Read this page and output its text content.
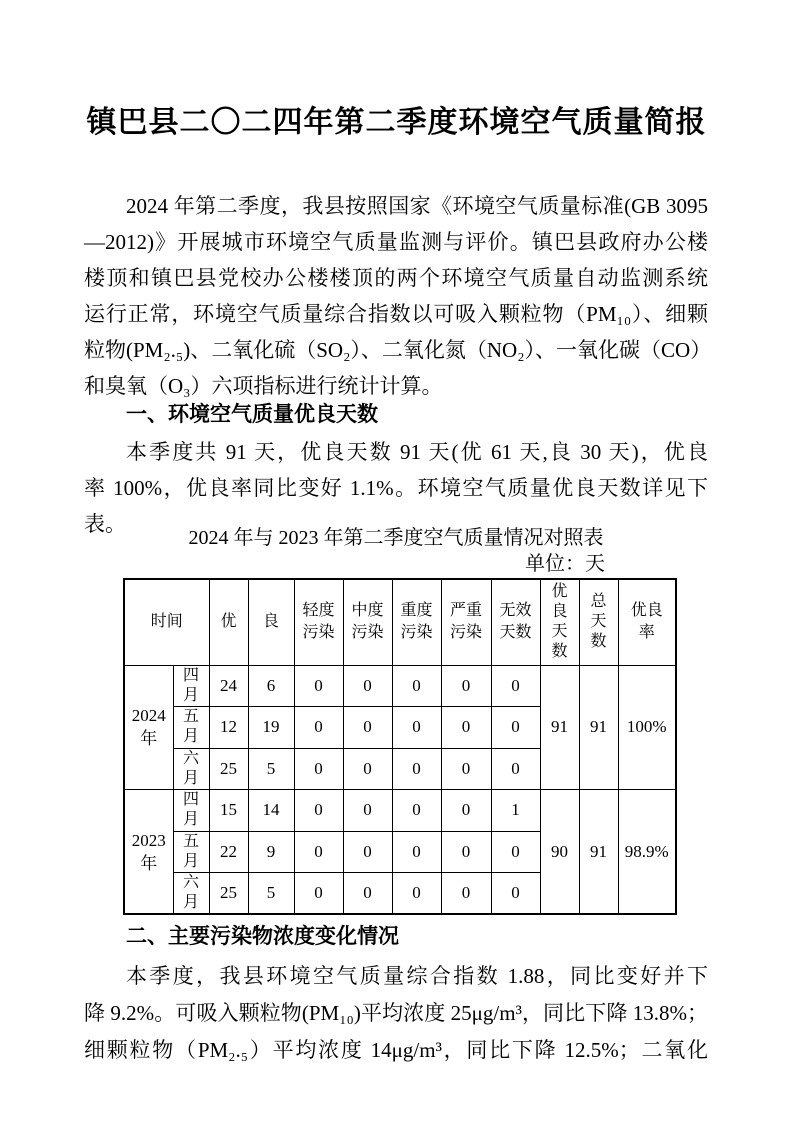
镇巴县二〇二四年第二季度环境空气质量简报
2024 年第二季度，我县按照国家《环境空气质量标准(GB 3095
—2012)》开展城市环境空气质量监测与评价。镇巴县政府办公楼
楼顶和镇巴县党校办公楼楼顶的两个环境空气质量自动监测系统
运行正常，环境空气质量综合指数以可吸入颗粒物（PM₁₀）、细颗
粒物(PM₂.₅)、二氧化硫（SO₂）、二氧化氮（NO₂）、一氧化碳（CO）
和臭氧（O₃）六项指标进行统计计算。
一、环境空气质量优良天数
本季度共 91 天，优良天数 91 天(优 61 天,良 30 天)，优良
率 100%，优良率同比变好 1.1%。环境空气质量优良天数详见下
表。
2024 年与 2023 年第二季度空气质量情况对照表
单位：天
时间		优	良	轻度污染	中度污染	重度污染	严重污染	无效天数	优良天数	总天数	优良率
2024年	四月	24	6	0	0	0	0	0	91	91	100%
	五月	12	19	0	0	0	0	0			
	六月	25	5	0	0	0	0	0			
2023年	四月	15	14	0	0	0	0	1	90	91	98.9%
	五月	22	9	0	0	0	0	0			
	六月	25	5	0	0	0	0	0			
二、主要污染物浓度变化情况
本季度，我县环境空气质量综合指数 1.88，同比变好并下
降 9.2%。可吸入颗粒物(PM₁₀)平均浓度 25μg/m³，同比下降 13.8%；
细颗粒物（PM₂.₅）平均浓度 14μg/m³，同比下降 12.5%；二氧化
